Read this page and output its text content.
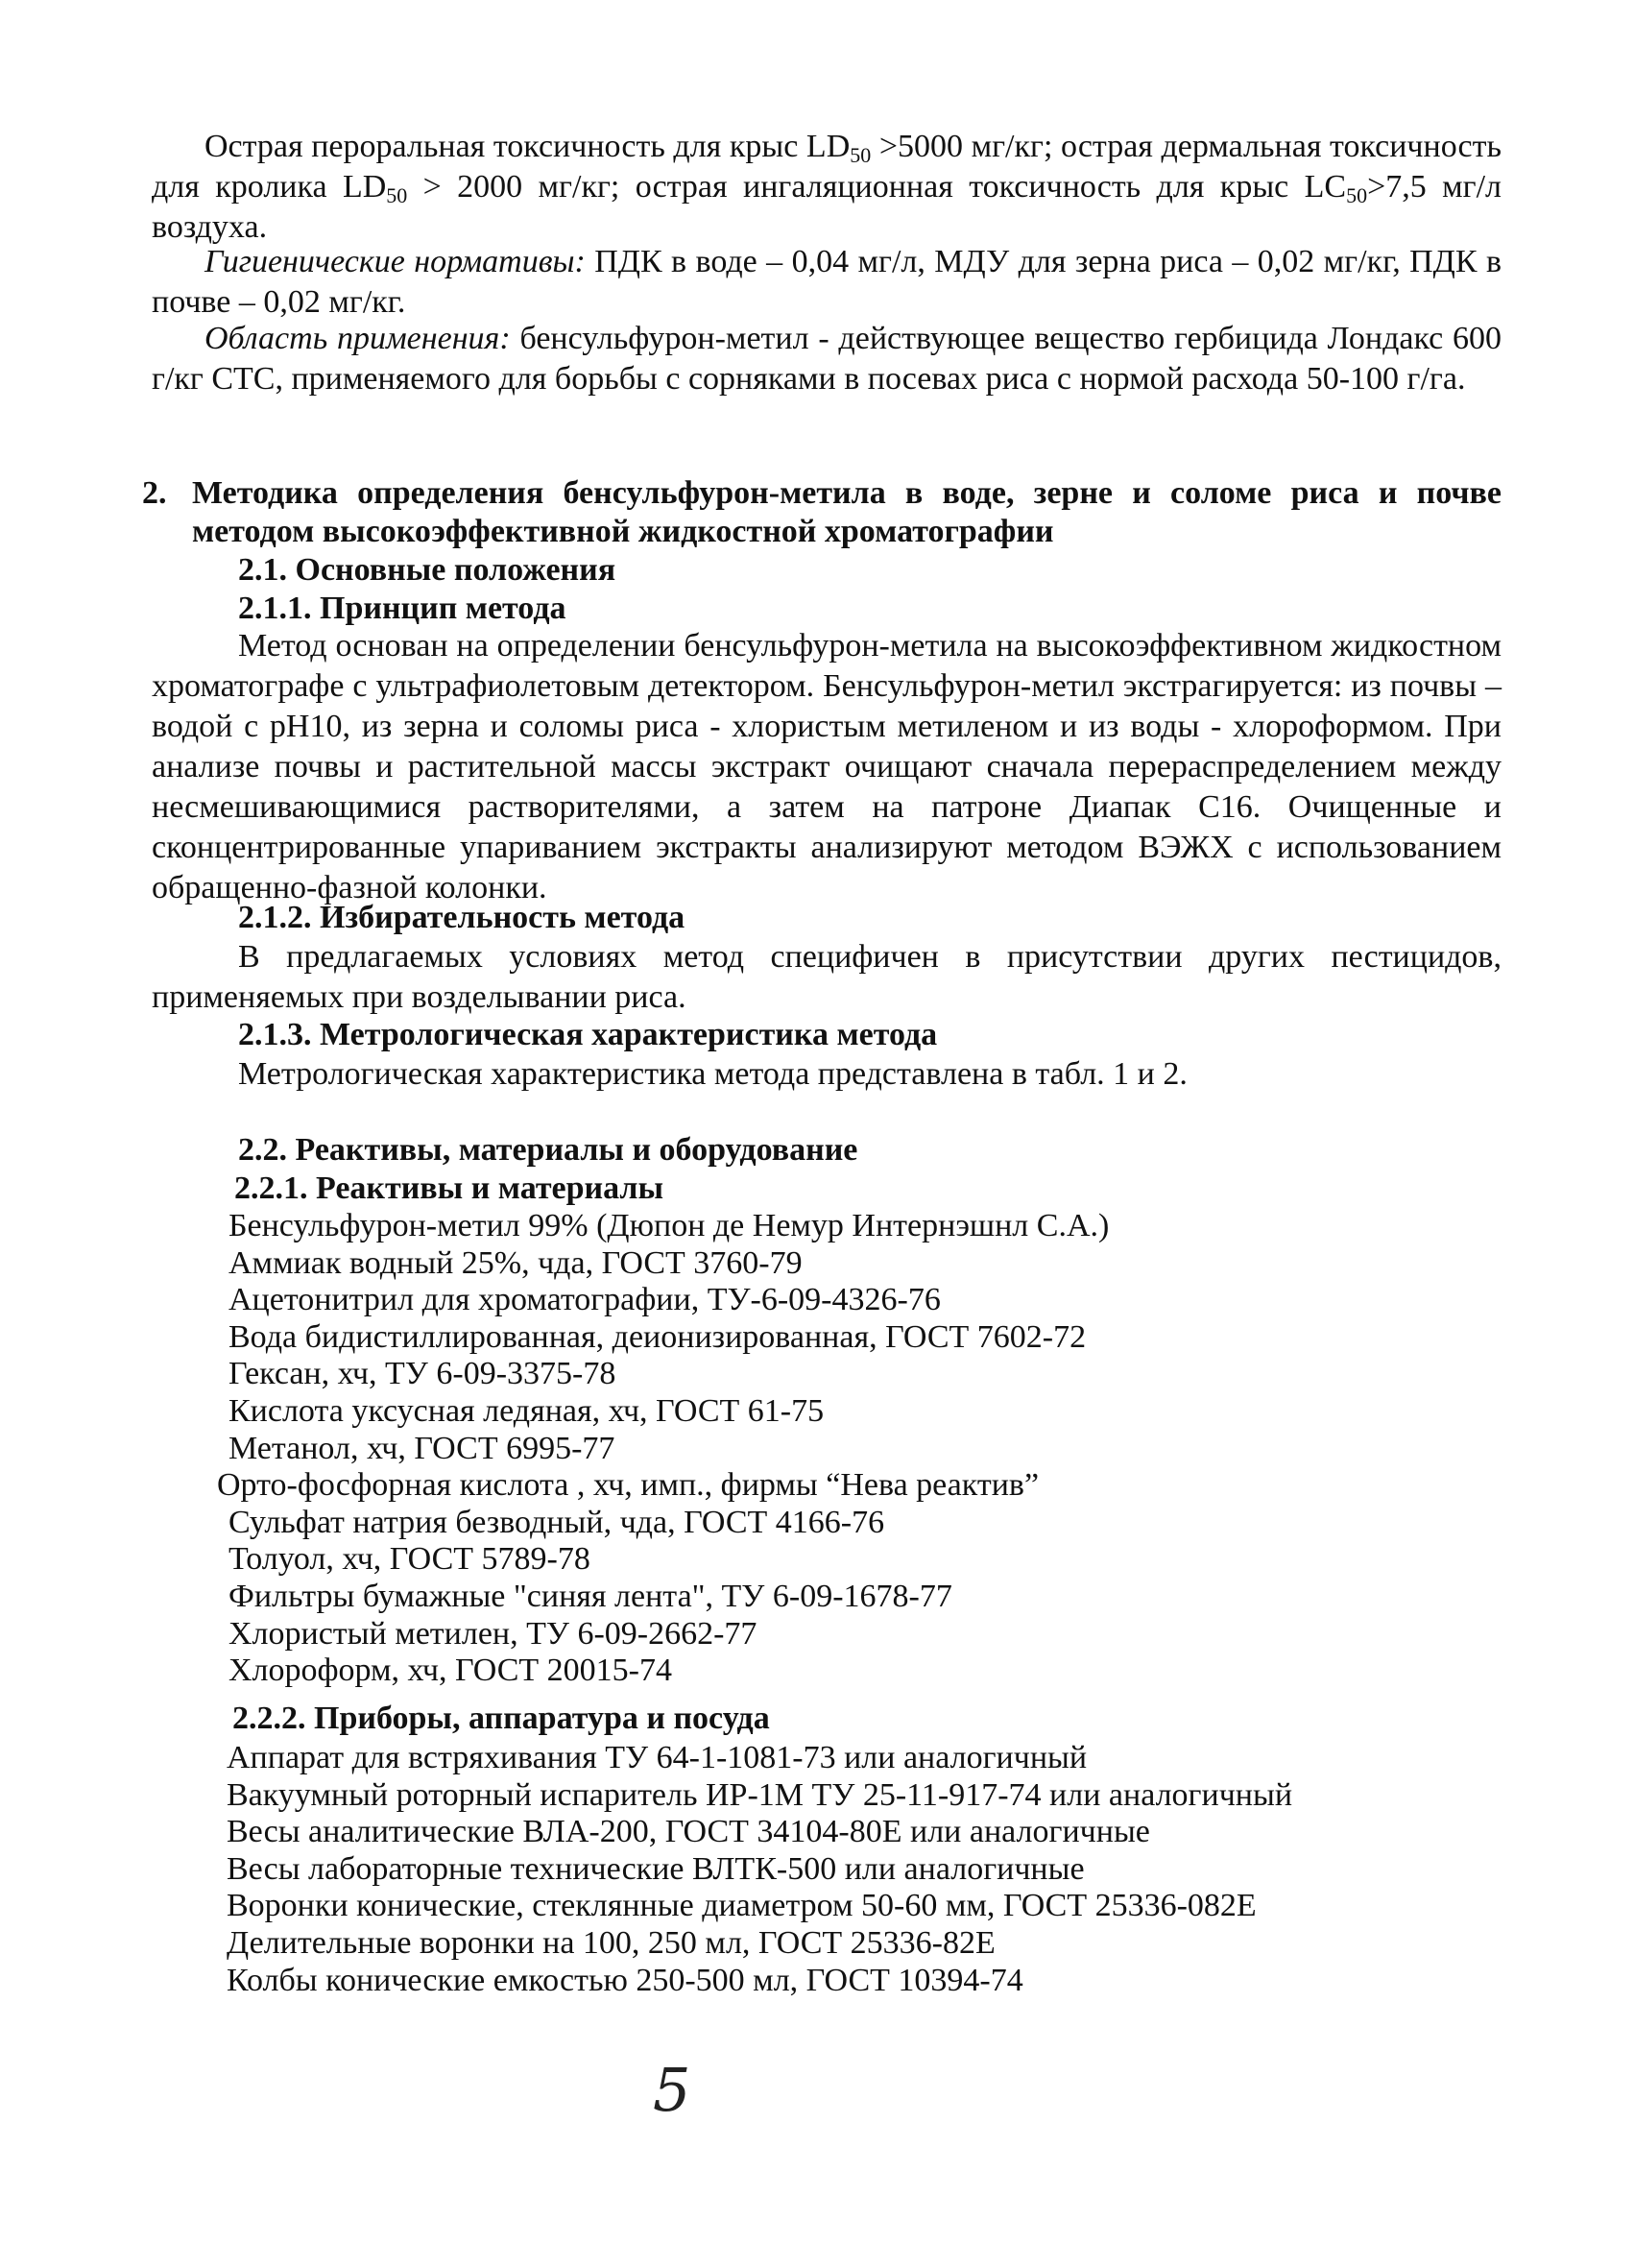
Острая пероральная токсичность для крыс $LD_{50} >5000$ мг/кг; острая дермальная токсичность для кролика $LD_{50} > 2000$ мг/кг; острая ингаляционная токсичность для крыс $LC_{50}>7,5$ мг/л воздуха.
Гигиенические нормативы: ПДК в воде – 0,04 мг/л, МДУ для зерна риса – 0,02 мг/кг, ПДК в почве – 0,02 мг/кг.
Область применения: бенсульфурон-метил - действующее вещество гербицида Лондакс 600 г/кг СТС, применяемого для борьбы с сорняками в посевах риса с нормой расхода 50-100 г/га.
2. Методика определения бенсульфурон-метила в воде, зерне и соломе риса и почве методом высокоэффективной жидкостной хроматографии
2.1. Основные положения
2.1.1. Принцип метода
Метод основан на определении бенсульфурон-метила на высокоэффективном жидкостном хроматографе с ультрафиолетовым детектором. Бенсульфурон-метил экстрагируется: из почвы – водой с pH10, из зерна и соломы риса - хлористым метиленом и из воды - хлороформом. При анализе почвы и растительной массы экстракт очищают сначала перераспределением между несмешивающимися растворителями, а затем на патроне Диапак С16. Очищенные и сконцентрированные упариванием экстракты анализируют методом ВЭЖХ с использованием обращенно-фазной колонки.
2.1.2. Избирательность метода
В предлагаемых условиях метод специфичен в присутствии других пестицидов, применяемых при возделывании риса.
2.1.3. Метрологическая характеристика метода
Метрологическая характеристика метода представлена в табл. 1 и 2.
2.2. Реактивы, материалы и оборудование
2.2.1. Реактивы и материалы
Бенсульфурон-метил 99% (Дюпон де Немур Интернэшнл С.А.)
Аммиак водный 25%, чда, ГОСТ 3760-79
Ацетонитрил для хроматографии, ТУ-6-09-4326-76
Вода бидистиллированная, деионизированная, ГОСТ 7602-72
Гексан, хч, ТУ 6-09-3375-78
Кислота уксусная ледяная, хч, ГОСТ 61-75
Метанол, хч, ГОСТ 6995-77
Орто-фосфорная кислота , хч, имп., фирмы “Нева реактив”
Сульфат натрия безводный, чда, ГОСТ 4166-76
Толуол, хч, ГОСТ 5789-78
Фильтры бумажные "синяя лента", ТУ 6-09-1678-77
Хлористый метилен, ТУ 6-09-2662-77
Хлороформ, хч, ГОСТ 20015-74
2.2.2. Приборы, аппаратура и посуда
Аппарат для встряхивания ТУ 64-1-1081-73 или аналогичный
Вакуумный роторный испаритель ИР-1М ТУ 25-11-917-74 или аналогичный
Весы аналитические ВЛА-200, ГОСТ 34104-80Е или аналогичные
Весы лабораторные технические ВЛТК-500 или аналогичные
Воронки конические, стеклянные диаметром 50-60 мм, ГОСТ 25336-082Е
Делительные воронки на 100, 250 мл, ГОСТ 25336-82Е
Колбы конические емкостью 250-500 мл, ГОСТ 10394-74
5
